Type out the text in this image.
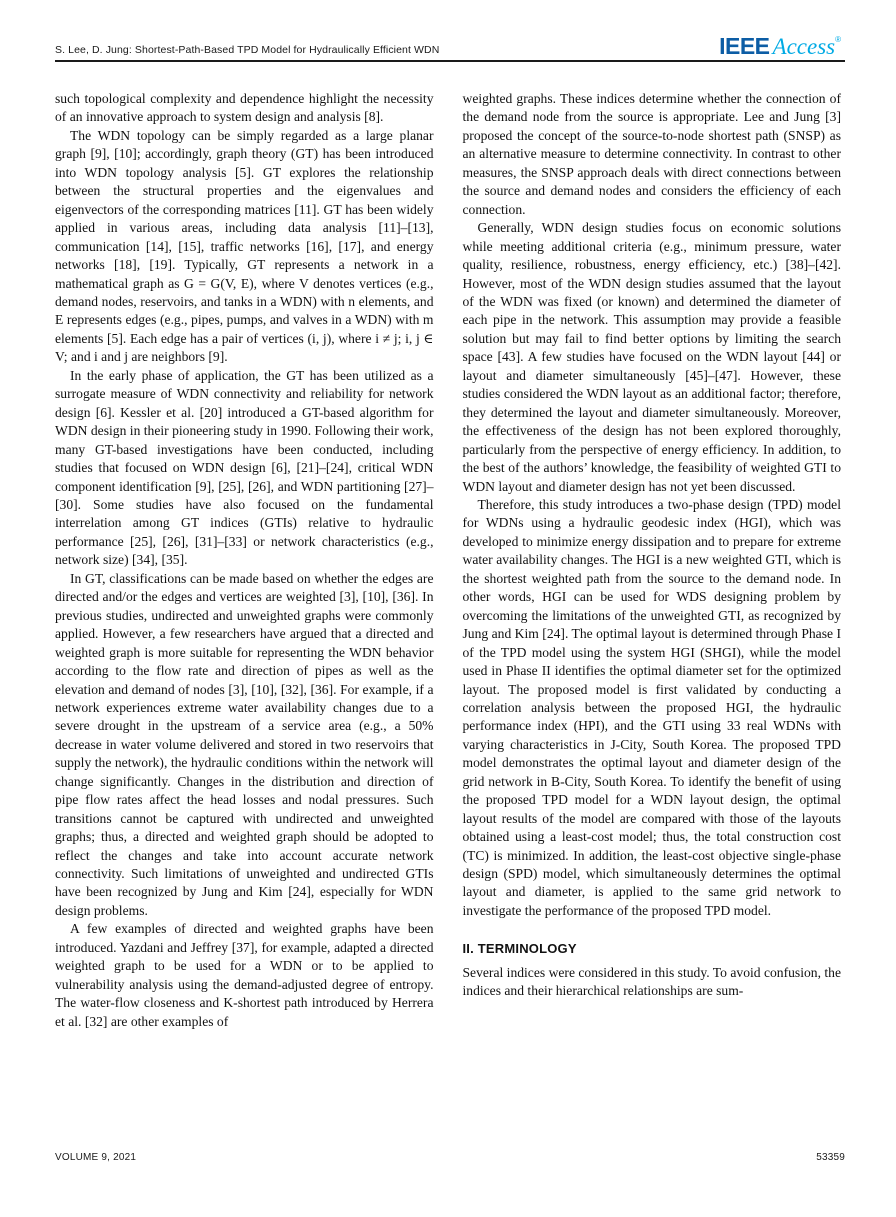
S. Lee, D. Jung: Shortest-Path-Based TPD Model for Hydraulically Efficient WDN	IEEE Access®

such topological complexity and dependence highlight the necessity of an innovative approach to system design and analysis [8].

The WDN topology can be simply regarded as a large planar graph [9], [10]; accordingly, graph theory (GT) has been introduced into WDN topology analysis [5]. GT explores the relationship between the structural properties and the eigenvalues and eigenvectors of the corresponding matrices [11]. GT has been widely applied in various areas, including data analysis [11]–[13], communication [14], [15], traffic networks [16], [17], and energy networks [18], [19]. Typically, GT represents a network in a mathematical graph as G = G(V, E), where V denotes vertices (e.g., demand nodes, reservoirs, and tanks in a WDN) with n elements, and E represents edges (e.g., pipes, pumps, and valves in a WDN) with m elements [5]. Each edge has a pair of vertices (i, j), where i ≠ j; i, j ∈ V; and i and j are neighbors [9].

In the early phase of application, the GT has been utilized as a surrogate measure of WDN connectivity and reliability for network design [6]. Kessler et al. [20] introduced a GT-based algorithm for WDN design in their pioneering study in 1990. Following their work, many GT-based investigations have been conducted, including studies that focused on WDN design [6], [21]–[24], critical WDN component identification [9], [25], [26], and WDN partitioning [27]–[30]. Some studies have also focused on the fundamental interrelation among GT indices (GTIs) relative to hydraulic performance [25], [26], [31]–[33] or network characteristics (e.g., network size) [34], [35].

In GT, classifications can be made based on whether the edges are directed and/or the edges and vertices are weighted [3], [10], [36]. In previous studies, undirected and unweighted graphs were commonly applied. However, a few researchers have argued that a directed and weighted graph is more suitable for representing the WDN behavior according to the flow rate and direction of pipes as well as the elevation and demand of nodes [3], [10], [32], [36]. For example, if a network experiences extreme water availability changes due to a severe drought in the upstream of a service area (e.g., a 50% decrease in water volume delivered and stored in two reservoirs that supply the network), the hydraulic conditions within the network will change significantly. Changes in the distribution and direction of pipe flow rates affect the head losses and nodal pressures. Such transitions cannot be captured with undirected and unweighted graphs; thus, a directed and weighted graph should be adopted to reflect the changes and take into account accurate network connectivity. Such limitations of unweighted and undirected GTIs have been recognized by Jung and Kim [24], especially for WDN design problems.

A few examples of directed and weighted graphs have been introduced. Yazdani and Jeffrey [37], for example, adapted a directed weighted graph to be used for a WDN or to be applied to vulnerability analysis using the demand-adjusted degree of entropy. The water-flow closeness and K-shortest path introduced by Herrera et al. [32] are other examples of

weighted graphs. These indices determine whether the connection of the demand node from the source is appropriate. Lee and Jung [3] proposed the concept of the source-to-node shortest path (SNSP) as an alternative measure to determine connectivity. In contrast to other measures, the SNSP approach deals with direct connections between the source and demand nodes and considers the efficiency of each connection.

Generally, WDN design studies focus on economic solutions while meeting additional criteria (e.g., minimum pressure, water quality, resilience, robustness, energy efficiency, etc.) [38]–[42]. However, most of the WDN design studies assumed that the layout of the WDN was fixed (or known) and determined the diameter of each pipe in the network. This assumption may provide a feasible solution but may fail to find better options by limiting the search space [43]. A few studies have focused on the WDN layout [44] or layout and diameter simultaneously [45]–[47]. However, these studies considered the WDN layout as an additional factor; therefore, they determined the layout and diameter simultaneously. Moreover, the effectiveness of the design has not been explored thoroughly, particularly from the perspective of energy efficiency. In addition, to the best of the authors’ knowledge, the feasibility of weighted GTI to WDN layout and diameter design has not yet been discussed.

Therefore, this study introduces a two-phase design (TPD) model for WDNs using a hydraulic geodesic index (HGI), which was developed to minimize energy dissipation and to prepare for extreme water availability changes. The HGI is a new weighted GTI, which is the shortest weighted path from the source to the demand node. In other words, HGI can be used for WDS designing problem by overcoming the limitations of the unweighted GTI, as recognized by Jung and Kim [24]. The optimal layout is determined through Phase I of the TPD model using the system HGI (SHGI), while the model used in Phase II identifies the optimal diameter set for the optimized layout. The proposed model is first validated by conducting a correlation analysis between the proposed HGI, the hydraulic performance index (HPI), and the GTI using 33 real WDNs with varying characteristics in J-City, South Korea. The proposed TPD model demonstrates the optimal layout and diameter design of the grid network in B-City, South Korea. To identify the benefit of using the proposed TPD model for a WDN layout design, the optimal layout results of the model are compared with those of the layouts obtained using a least-cost model; thus, the total construction cost (TC) is minimized. In addition, the least-cost objective single-phase design (SPD) model, which simultaneously determines the optimal layout and diameter, is applied to the same grid network to investigate the performance of the proposed TPD model.

II. TERMINOLOGY

Several indices were considered in this study. To avoid confusion, the indices and their hierarchical relationships are sum-

VOLUME 9, 2021	53359
